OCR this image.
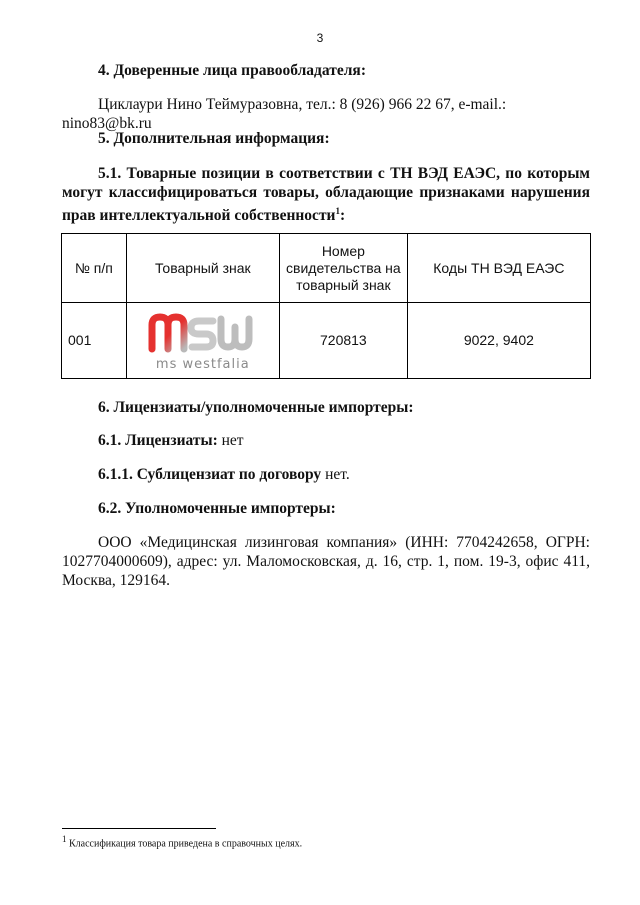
3
4. Доверенные лица правообладателя:
Циклаури Нино Теймуразовна, тел.: 8 (926) 966 22 67, e-mail.: nino83@bk.ru
5. Дополнительная информация:
5.1. Товарные позиции в соответствии с ТН ВЭД ЕАЭС, по которым могут классифицироваться товары, обладающие признаками нарушения прав интеллектуальной собственности$^1$:
№ п/п	Товарный знак	Номер свидетельства на товарный знак	Коды ТН ВЭД ЕАЭС
001	ms westfalia	720813	9022, 9402
6. Лицензиаты/уполномоченные импортеры:
6.1. Лицензиаты: нет
6.1.1. Сублицензиат по договору нет.
6.2. Уполномоченные импортеры:
ООО «Медицинская лизинговая компания» (ИНН: 7704242658, ОГРН: 1027704000609), адрес: ул. Маломосковская, д. 16, стр. 1, пом. 19-3, офис 411, Москва, 129164.
$^1$ Классификация товара приведена в справочных целях.
